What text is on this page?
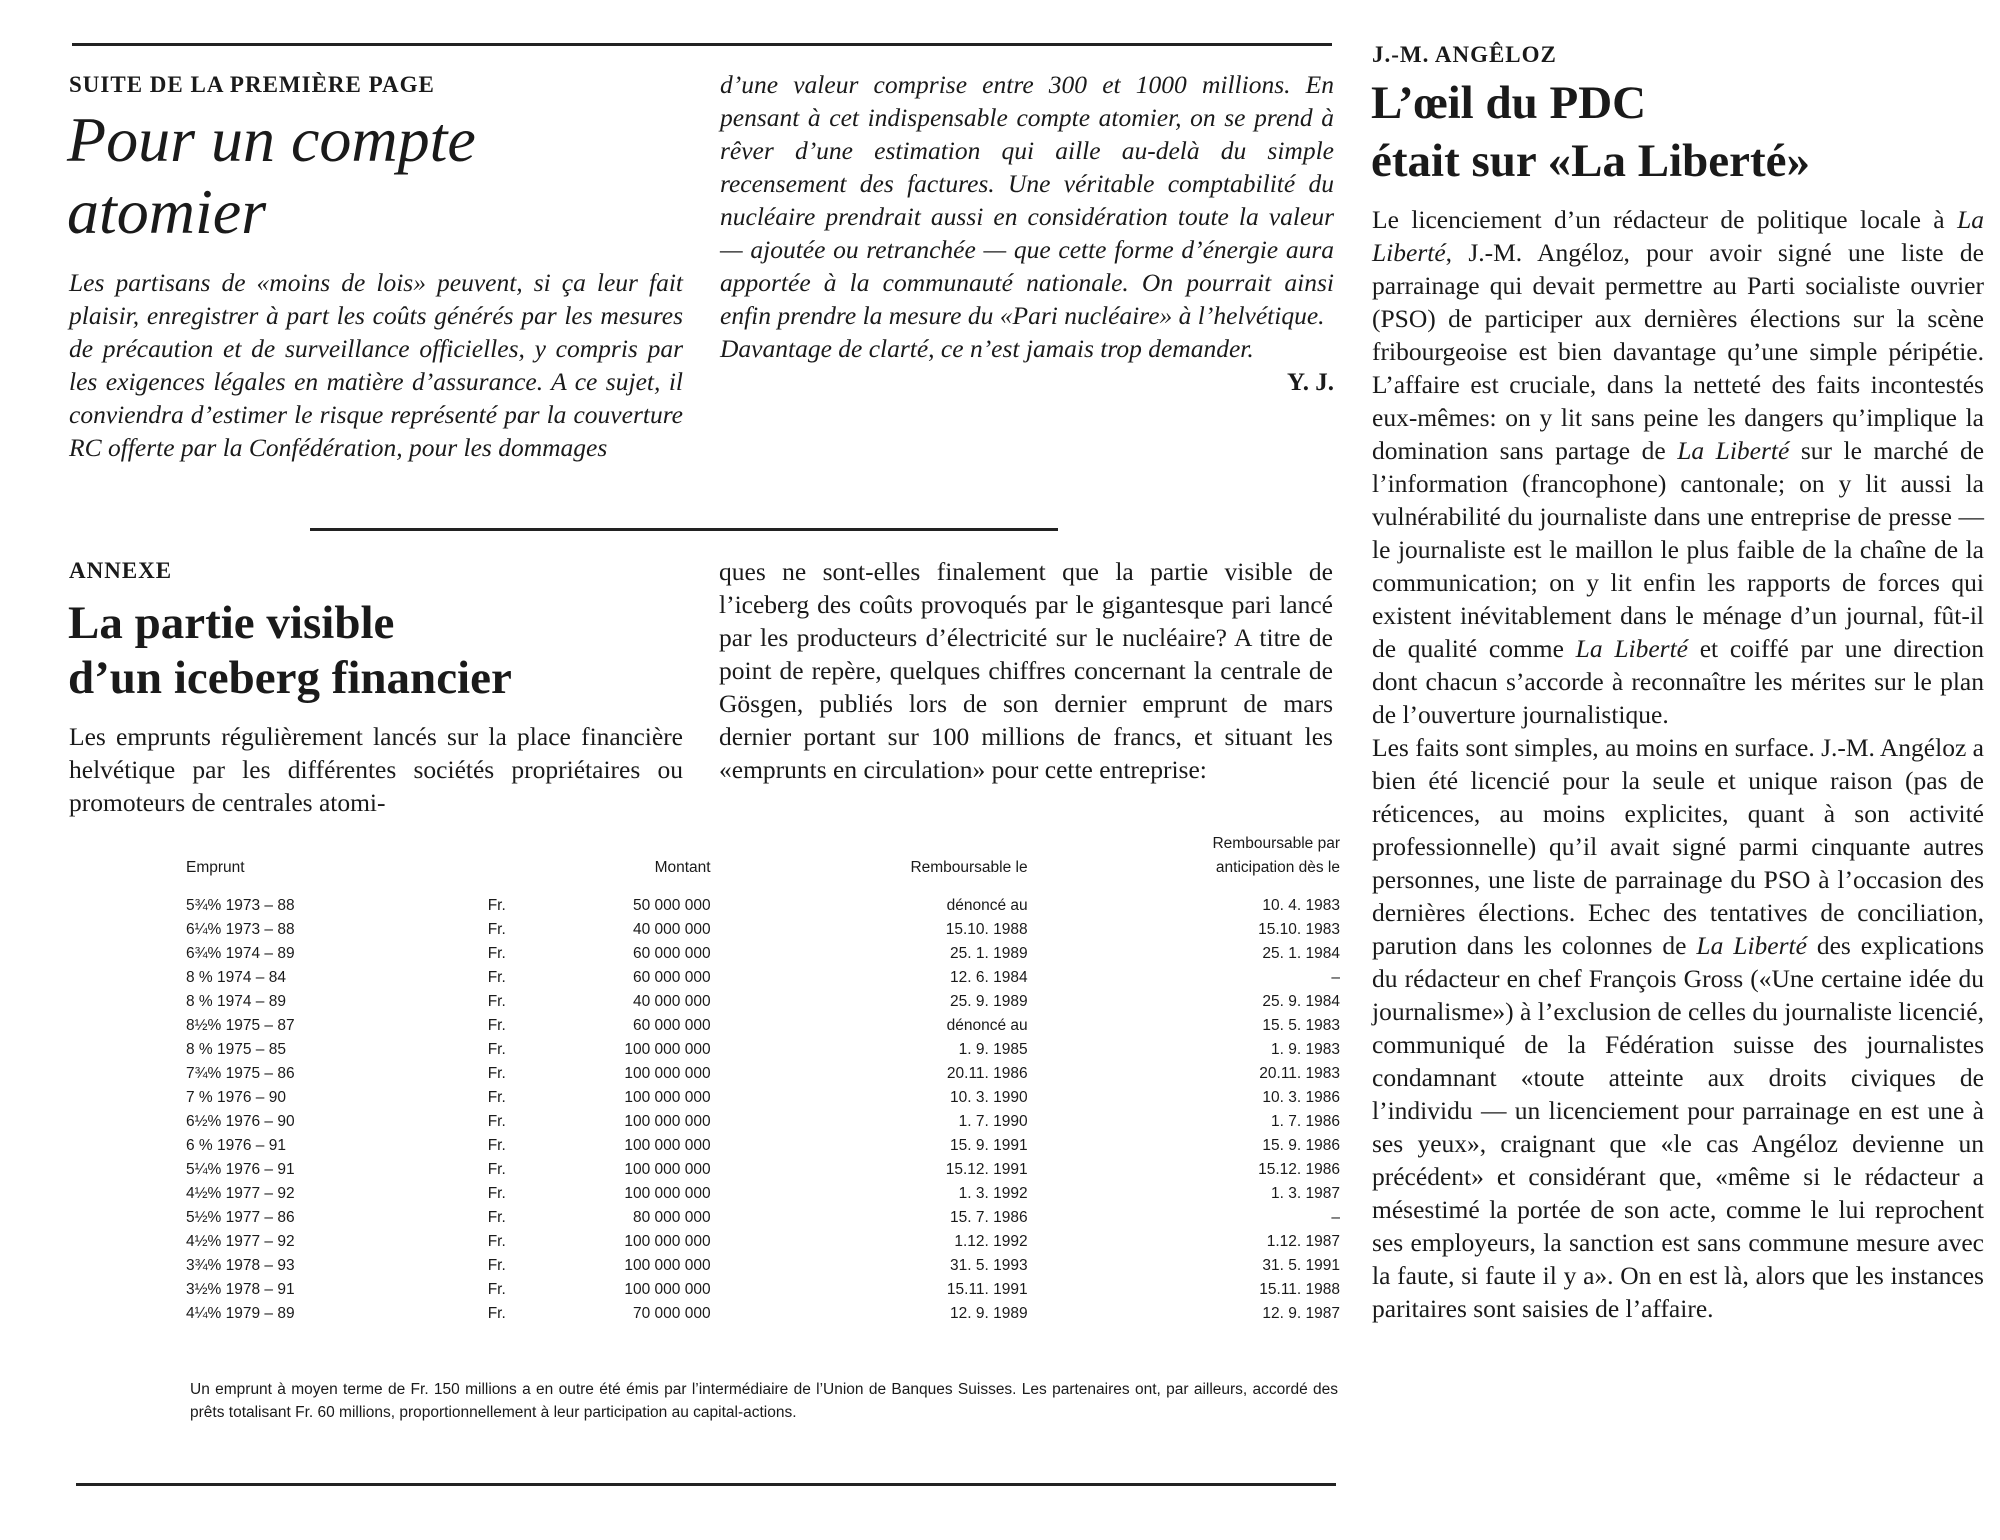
SUITE DE LA PREMIÈRE PAGE
Pour un compte atomier

Les partisans de «moins de lois» peuvent, si ça leur fait plaisir, enregistrer à part les coûts générés par les mesures de précaution et de surveillance officielles, y compris par les exigences légales en matière d’assurance. A ce sujet, il conviendra d’estimer le risque représenté par la couverture RC offerte par la Confédération, pour les dommages

d’une valeur comprise entre 300 et 1000 millions. En pensant à cet indispensable compte atomier, on se prend à rêver d’une estimation qui aille au-delà du simple recensement des factures. Une véritable comptabilité du nucléaire prendrait aussi en considération toute la valeur — ajoutée ou retranchée — que cette forme d’énergie aura apportée à la communauté nationale. On pourrait ainsi enfin prendre la mesure du «Pari nucléaire» à l’helvétique.

Davantage de clarté, ce n’est jamais trop demander.

Y. J.
ANNEXE
La partie visible
d’un iceberg financier

Les emprunts régulièrement lancés sur la place financière helvétique par les différentes sociétés propriétaires ou promoteurs de centrales atomi-

ques ne sont-elles finalement que la partie visible de l’iceberg des coûts provoqués par le gigantesque pari lancé par les producteurs d’électricité sur le nucléaire? A titre de point de repère, quelques chiffres concernant la centrale de Gösgen, publiés lors de son dernier emprunt de mars dernier portant sur 100 millions de francs, et situant les «emprunts en circulation» pour cette entreprise:

Emprunt		Montant	Remboursable le	Remboursable par
anticipation dès le
5¾% 1973 – 88	Fr.	50 000 000	dénoncé au	10. 4. 1983
6¼% 1973 – 88	Fr.	40 000 000	15.10. 1988	15.10. 1983
6¾% 1974 – 89	Fr.	60 000 000	25. 1. 1989	25. 1. 1984
8 % 1974 – 84	Fr.	60 000 000	12. 6. 1984	–
8 % 1974 – 89	Fr.	40 000 000	25. 9. 1989	25. 9. 1984
8½% 1975 – 87	Fr.	60 000 000	dénoncé au	15. 5. 1983
8 % 1975 – 85	Fr.	100 000 000	1. 9. 1985	1. 9. 1983
7¾% 1975 – 86	Fr.	100 000 000	20.11. 1986	20.11. 1983
7 % 1976 – 90	Fr.	100 000 000	10. 3. 1990	10. 3. 1986
6½% 1976 – 90	Fr.	100 000 000	1. 7. 1990	1. 7. 1986
6 % 1976 – 91	Fr.	100 000 000	15. 9. 1991	15. 9. 1986
5¼% 1976 – 91	Fr.	100 000 000	15.12. 1991	15.12. 1986
4½% 1977 – 92	Fr.	100 000 000	1. 3. 1992	1. 3. 1987
5½% 1977 – 86	Fr.	80 000 000	15. 7. 1986	–
4½% 1977 – 92	Fr.	100 000 000	1.12. 1992	1.12. 1987
3¾% 1978 – 93	Fr.	100 000 000	31. 5. 1993	31. 5. 1991
3½% 1978 – 91	Fr.	100 000 000	15.11. 1991	15.11. 1988
4¼% 1979 – 89	Fr.	70 000 000	12. 9. 1989	12. 9. 1987

Un emprunt à moyen terme de Fr. 150 millions a en outre été émis par l’intermédiaire de l’Union de Banques Suisses. Les partenaires ont, par ailleurs, accordé des prêts totalisant Fr. 60 millions, proportionnellement à leur participation au capital-actions.

J.-M. ANGÊLOZ
L’œil du PDC
était sur «La Liberté»

Le licenciement d’un rédacteur de politique locale à La Liberté, J.-M. Angéloz, pour avoir signé une liste de parrainage qui devait permettre au Parti socialiste ouvrier (PSO) de participer aux dernières élections sur la scène fribourgeoise est bien davantage qu’une simple péripétie. L’affaire est cruciale, dans la netteté des faits incontestés eux-mêmes: on y lit sans peine les dangers qu’implique la domination sans partage de La Liberté sur le marché de l’information (francophone) cantonale; on y lit aussi la vulnérabilité du journaliste dans une entreprise de presse — le journaliste est le maillon le plus faible de la chaîne de la communication; on y lit enfin les rapports de forces qui existent inévitablement dans le ménage d’un journal, fût-il de qualité comme La Liberté et coiffé par une direction dont chacun s’accorde à reconnaître les mérites sur le plan de l’ouverture journalistique.

Les faits sont simples, au moins en surface. J.-M. Angéloz a bien été licencié pour la seule et unique raison (pas de réticences, au moins explicites, quant à son activité professionnelle) qu’il avait signé parmi cinquante autres personnes, une liste de parrainage du PSO à l’occasion des dernières élections. Echec des tentatives de conciliation, parution dans les colonnes de La Liberté des explications du rédacteur en chef François Gross («Une certaine idée du journalisme») à l’exclusion de celles du journaliste licencié, communiqué de la Fédération suisse des journalistes condamnant «toute atteinte aux droits civiques de l’individu — un licenciement pour parrainage en est une à ses yeux», craignant que «le cas Angéloz devienne un précédent» et considérant que, «même si le rédacteur a mésestimé la portée de son acte, comme le lui reprochent ses employeurs, la sanction est sans commune mesure avec la faute, si faute il y a». On en est là, alors que les instances paritaires sont saisies de l’affaire.
